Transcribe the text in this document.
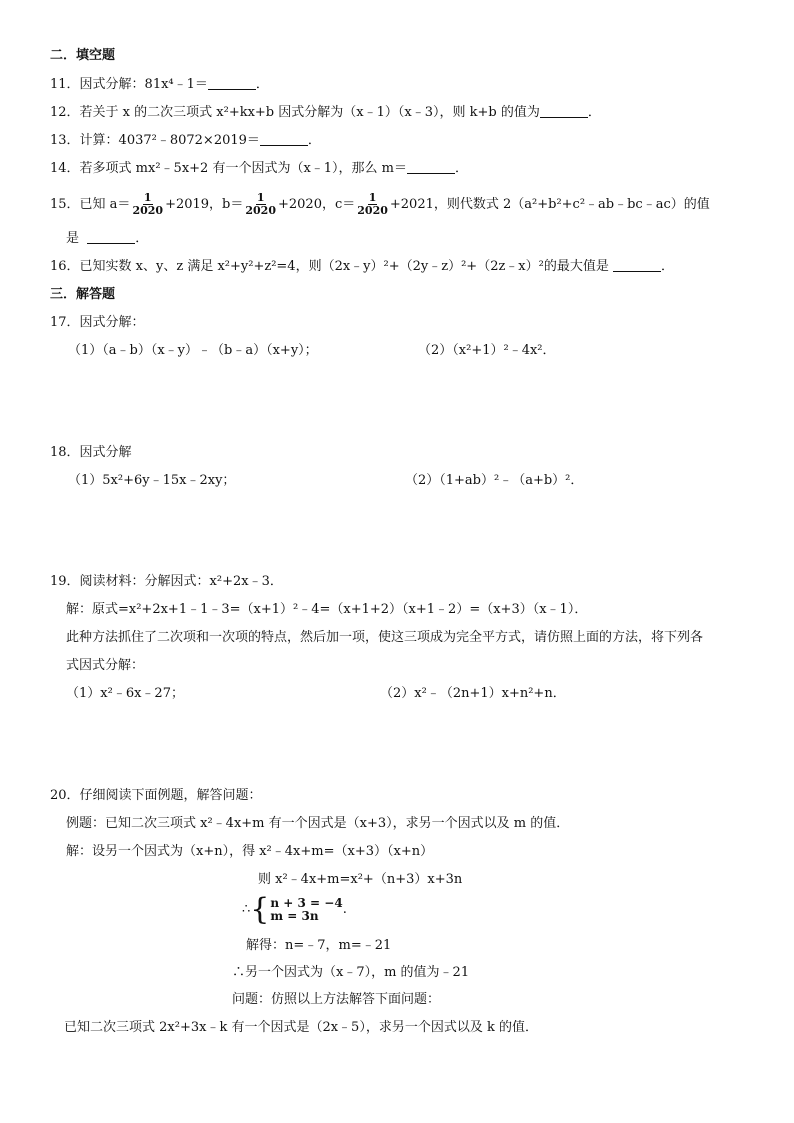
二．填空题
11．因式分解：81x⁴﹣1＝	．
12．若关于 x 的二次三项式 x²+kx+b 因式分解为（x﹣1）（x﹣3），则 k+b 的值为	．
13．计算：4037²﹣8072×2019＝	．
14．若多项式 mx²﹣5x+2 有一个因式为（x﹣1），那么 m＝	．
15．已知 $a= \frac{1}{2020} +2019$，$b= \frac{1}{2020} +2020$，$c= \frac{1}{2020} +2021$，则代数式 2（a²+b²+c²﹣ab﹣bc﹣ac）的值
是	．
16．已知实数 x、y、z 满足 x²+y²+z²=4，则（2x﹣y）²+（2y﹣z）²+（2z﹣x）²的最大值是	．
三．解答题
17．因式分解：
（1）（a﹣b）（x﹣y）﹣（b﹣a）（x+y）；	（2）（x²+1）²﹣4x²．
18．因式分解
（1）5x²+6y﹣15x﹣2xy；	（2）（1+ab）²﹣（a+b）²．
19．阅读材料：分解因式：x²+2x﹣3．
解：原式=x²+2x+1﹣1﹣3=（x+1）²﹣4=（x+1+2）（x+1﹣2）=（x+3）（x﹣1）．
此种方法抓住了二次项和一次项的特点，然后加一项，使这三项成为完全平方式，请仿照上面的方法，将下列各
式因式分解：
（1）x²﹣6x﹣27；	（2）x²﹣（2n+1）x+n²+n．
20．仔细阅读下面例题，解答问题：
例题：已知二次三项式 x²﹣4x+m 有一个因式是（x+3），求另一个因式以及 m 的值．
解：设另一个因式为（x+n），得 x²﹣4x+m=（x+3）（x+n）
则 x²﹣4x+m=x²+（n+3）x+3n
∴ { n + 3 = −4
m = 3n	.
解得：n=﹣7，m=﹣21
∴另一个因式为（x﹣7），m 的值为﹣21
问题：仿照以上方法解答下面问题：
已知二次三项式 2x²+3x﹣k 有一个因式是（2x﹣5），求另一个因式以及 k 的值．
